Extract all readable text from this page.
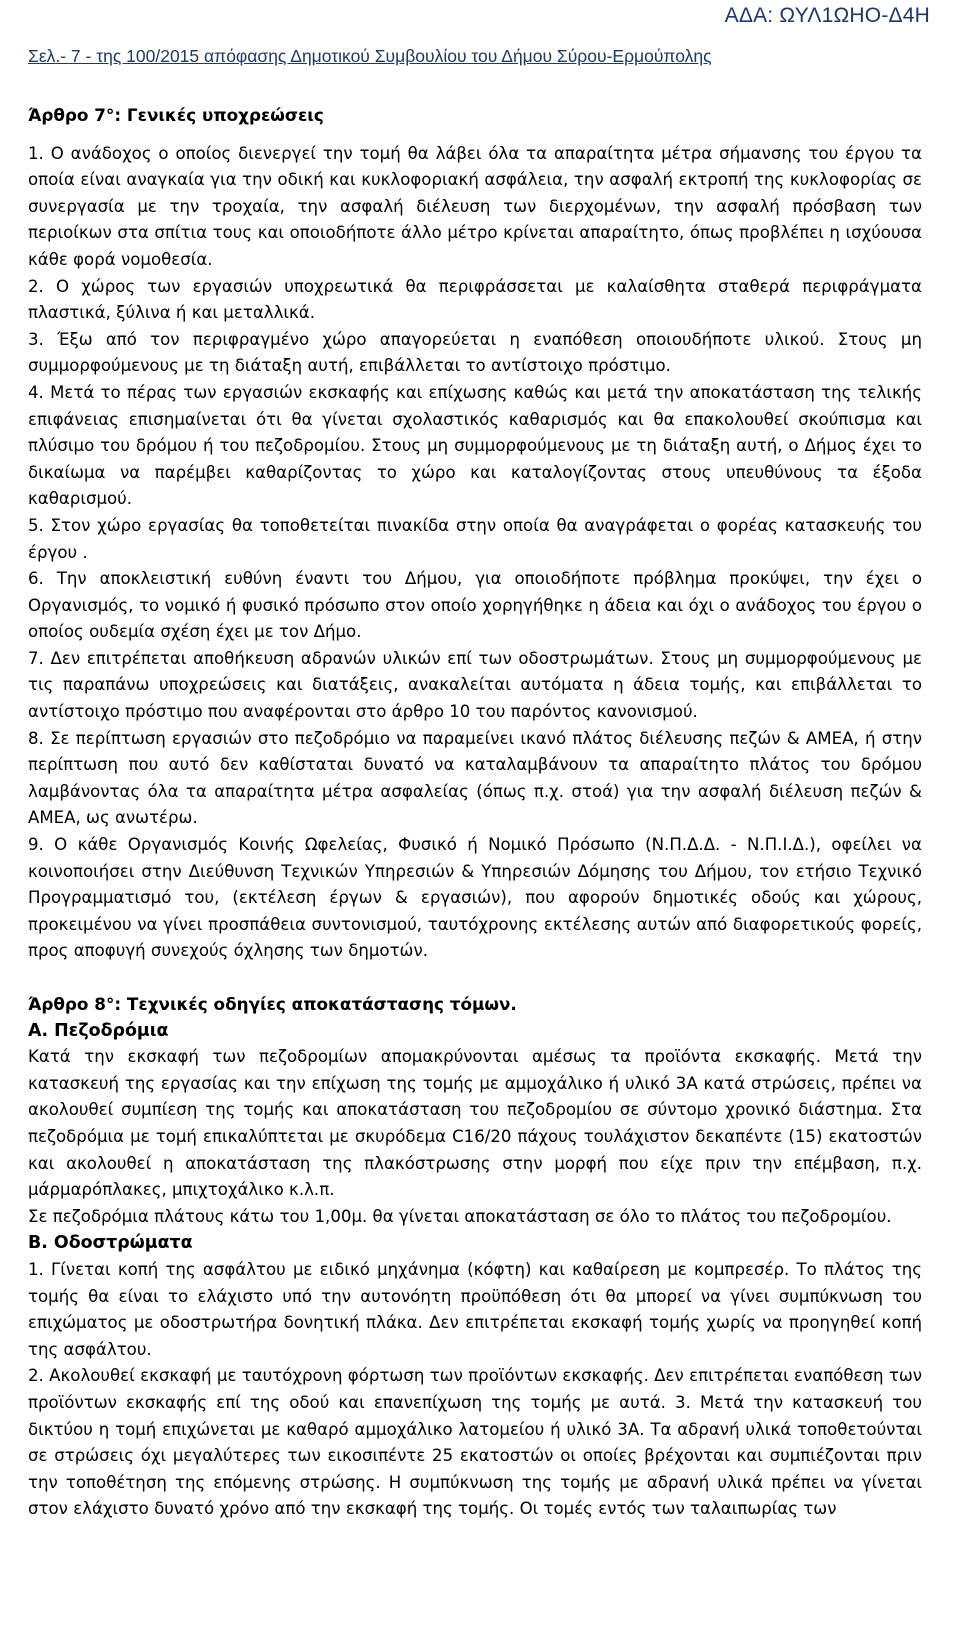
ΑΔΑ: ΩΥΛ1ΩΗΟ-Δ4Η
Σελ.- 7 - της 100/2015 απόφασης Δημοτικού Συμβουλίου του Δήμου Σύρου-Ερμούπολης

Άρθρο 7°: Γενικές υποχρεώσεις

1. Ο ανάδοχος ο οποίος διενεργεί την τομή θα λάβει όλα τα απαραίτητα μέτρα σήμανσης του έργου τα οποία είναι αναγκαία για την οδική και κυκλοφοριακή ασφάλεια, την ασφαλή εκτροπή της κυκλοφορίας σε συνεργασία με την τροχαία, την ασφαλή διέλευση των διερχομένων, την ασφαλή πρόσβαση των περιοίκων στα σπίτια τους και οποιοδήποτε άλλο μέτρο κρίνεται απαραίτητο, όπως προβλέπει η ισχύουσα κάθε φορά νομοθεσία.

2. Ο χώρος των εργασιών υποχρεωτικά θα περιφράσσεται με καλαίσθητα σταθερά περιφράγματα πλαστικά, ξύλινα ή και μεταλλικά.

3. Έξω από τον περιφραγμένο χώρο απαγορεύεται η εναπόθεση οποιουδήποτε υλικού. Στους μη συμμορφούμενους με τη διάταξη αυτή, επιβάλλεται το αντίστοιχο πρόστιμο.

4. Μετά το πέρας των εργασιών εκσκαφής και επίχωσης καθώς και μετά την αποκατάσταση της τελικής επιφάνειας επισημαίνεται ότι θα γίνεται σχολαστικός καθαρισμός και θα επακολουθεί σκούπισμα και πλύσιμο του δρόμου ή του πεζοδρομίου. Στους μη συμμορφούμενους με τη διάταξη αυτή, ο Δήμος έχει το δικαίωμα να παρέμβει καθαρίζοντας το χώρο και καταλογίζοντας στους υπευθύνους τα έξοδα καθαρισμού.

5. Στον χώρο εργασίας θα τοποθετείται πινακίδα στην οποία θα αναγράφεται ο φορέας κατασκευής του έργου .

6. Την αποκλειστική ευθύνη έναντι του Δήμου, για οποιοδήποτε πρόβλημα προκύψει, την έχει ο Οργανισμός, το νομικό ή φυσικό πρόσωπο στον οποίο χορηγήθηκε η άδεια και όχι ο ανάδοχος του έργου ο οποίος ουδεμία σχέση έχει με τον Δήμο.

7. Δεν επιτρέπεται αποθήκευση αδρανών υλικών επί των οδοστρωμάτων. Στους μη συμμορφούμενους με τις παραπάνω υποχρεώσεις και διατάξεις, ανακαλείται αυτόματα η άδεια τομής, και επιβάλλεται το αντίστοιχο πρόστιμο που αναφέρονται στο άρθρο 10 του παρόντος κανονισμού.

8. Σε περίπτωση εργασιών στο πεζοδρόμιο να παραμείνει ικανό πλάτος διέλευσης πεζών & ΑΜΕΑ, ή στην περίπτωση που αυτό δεν καθίσταται δυνατό να καταλαμβάνουν τα απαραίτητο πλάτος του δρόμου λαμβάνοντας όλα τα απαραίτητα μέτρα ασφαλείας (όπως π.χ. στοά) για την ασφαλή διέλευση πεζών & ΑΜΕΑ, ως ανωτέρω.

9. Ο κάθε Οργανισμός Κοινής Ωφελείας, Φυσικό ή Νομικό Πρόσωπο (Ν.Π.Δ.Δ. - Ν.Π.Ι.Δ.), οφείλει να κοινοποιήσει στην Διεύθυνση Τεχνικών Υπηρεσιών & Υπηρεσιών Δόμησης του Δήμου, τον ετήσιο Τεχνικό Προγραμματισμό του, (εκτέλεση έργων & εργασιών), που αφορούν δημοτικές οδούς και χώρους, προκειμένου να γίνει προσπάθεια συντονισμού, ταυτόχρονης εκτέλεσης αυτών από διαφορετικούς φορείς, προς αποφυγή συνεχούς όχλησης των δημοτών.

Άρθρο 8°: Τεχνικές οδηγίες αποκατάστασης τόμων.

Α. Πεζοδρόμια

Κατά την εκσκαφή των πεζοδρομίων απομακρύνονται αμέσως τα προϊόντα εκσκαφής. Μετά την κατασκευή της εργασίας και την επίχωση της τομής με αμμοχάλικο ή υλικό 3Α κατά στρώσεις, πρέπει να ακολουθεί συμπίεση της τομής και αποκατάσταση του πεζοδρομίου σε σύντομο χρονικό διάστημα. Στα πεζοδρόμια με τομή επικαλύπτεται με σκυρόδεμα C16/20 πάχους τουλάχιστον δεκαπέντε (15) εκατοστών και ακολουθεί η αποκατάσταση της πλακόστρωσης στην μορφή που είχε πριν την επέμβαση, π.χ. μάρμαρόπλακες, μπιχτοχάλικο κ.λ.π.

Σε πεζοδρόμια πλάτους κάτω του 1,00μ. θα γίνεται αποκατάσταση σε όλο το πλάτος του πεζοδρομίου.

Β. Οδοστρώματα

1. Γίνεται κοπή της ασφάλτου με ειδικό μηχάνημα (κόφτη) και καθαίρεση με κομπρεσέρ. Το πλάτος της τομής θα είναι το ελάχιστο υπό την αυτονόητη προϋπόθεση ότι θα μπορεί να γίνει συμπύκνωση του επιχώματος με οδοστρωτήρα δονητική πλάκα. Δεν επιτρέπεται εκσκαφή τομής χωρίς να προηγηθεί κοπή της ασφάλτου.

2. Ακολουθεί εκσκαφή με ταυτόχρονη φόρτωση των προϊόντων εκσκαφής. Δεν επιτρέπεται εναπόθεση των προϊόντων εκσκαφής επί της οδού και επανεπίχωση της τομής με αυτά. 3. Μετά την κατασκευή του δικτύου η τομή επιχώνεται με καθαρό αμμοχάλικο λατομείου ή υλικό 3Α. Τα αδρανή υλικά τοποθετούνται σε στρώσεις όχι μεγαλύτερες των εικοσιπέντε 25 εκατοστών οι οποίες βρέχονται και συμπιέζονται πριν την τοποθέτηση της επόμενης στρώσης. Η συμπύκνωση της τομής με αδρανή υλικά πρέπει να γίνεται στον ελάχιστο δυνατό χρόνο από την εκσκαφή της τομής. Οι τομές εντός των ταλαιπωρίας των
